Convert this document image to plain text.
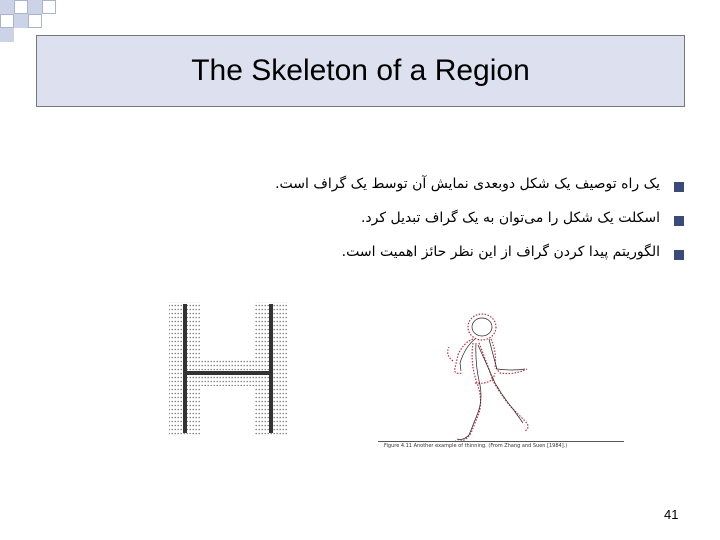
The Skeleton of a Region
یک راه توصیف یک شکل دوبعدی نمایش آن توسط یک گراف است.
اسکلت یک شکل را می‌توان به یک گراف تبدیل کرد.
الگوریتم پیدا کردن گراف از این نظر حائز اهمیت است.
Figure 4.11 Another example of thinning. (From Zhang and Suen [1984].)
41
